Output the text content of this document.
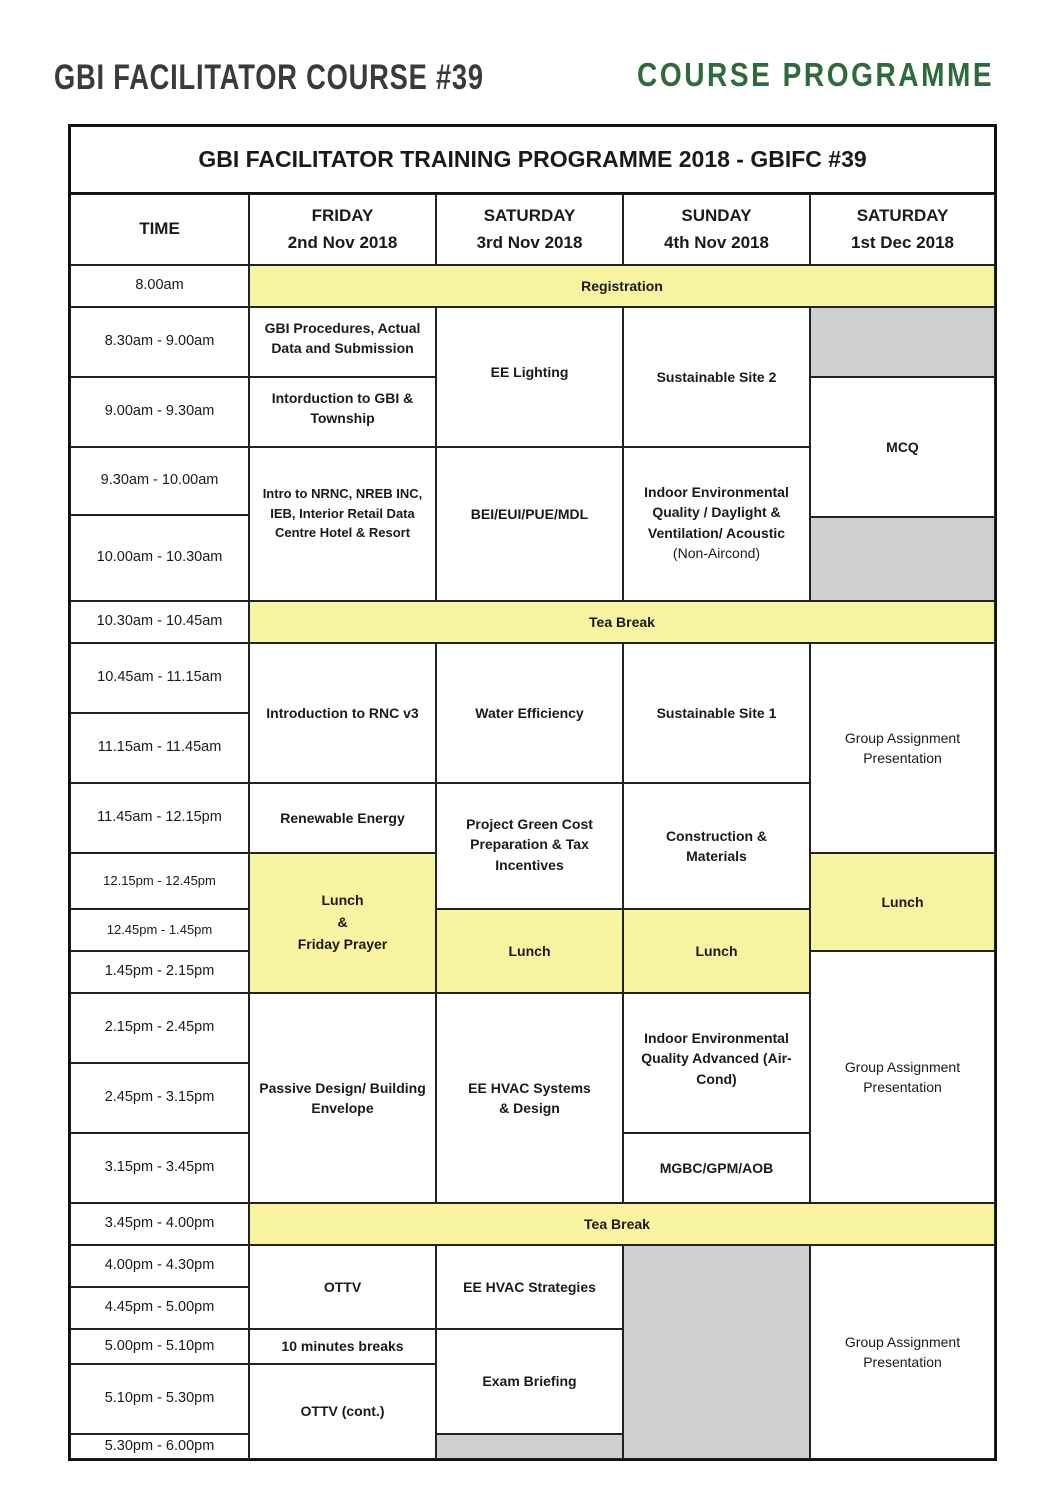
GBI FACILITATOR COURSE #39	COURSE PROGRAMME
GBI FACILITATOR TRAINING PROGRAMME 2018 - GBIFC #39
TIME
FRIDAY
2nd Nov 2018
SATURDAY
3rd Nov 2018
SUNDAY
4th Nov 2018
SATURDAY
1st Dec 2018
8.00am
8.30am - 9.00am
9.00am - 9.30am
9.30am - 10.00am
10.00am - 10.30am
10.30am - 10.45am
10.45am - 11.15am
11.15am - 11.45am
11.45am - 12.15pm
12.15pm - 12.45pm
12.45pm - 1.45pm
1.45pm - 2.15pm
2.15pm - 2.45pm
2.45pm - 3.15pm
3.15pm - 3.45pm
3.45pm - 4.00pm
4.00pm - 4.30pm
4.45pm - 5.00pm
5.00pm - 5.10pm
5.10pm - 5.30pm
5.30pm - 6.00pm
Registration
Tea Break
Tea Break
GBI Procedures, Actual Data and Submission
Intorduction to GBI & Township
Intro to NRNC, NREB INC, IEB, Interior Retail Data Centre Hotel & Resort
Introduction to RNC v3
Renewable Energy
Lunch
&
Friday Prayer
Passive Design/ Building Envelope
OTTV
10 minutes breaks
OTTV (cont.)
EE Lighting
BEI/EUI/PUE/MDL
Water Efficiency
Project Green Cost Preparation & Tax Incentives
Lunch
EE HVAC Systems & Design
EE HVAC Strategies
Exam Briefing
Sustainable Site 2
Indoor Environmental Quality / Daylight & Ventilation/ Acoustic
(Non-Aircond)
Sustainable Site 1
Construction & Materials
Lunch
Indoor Environmental Quality Advanced (Air-Cond)
MGBC/GPM/AOB
MCQ
Group Assignment Presentation
Lunch
Group Assignment Presentation
Group Assignment Presentation
